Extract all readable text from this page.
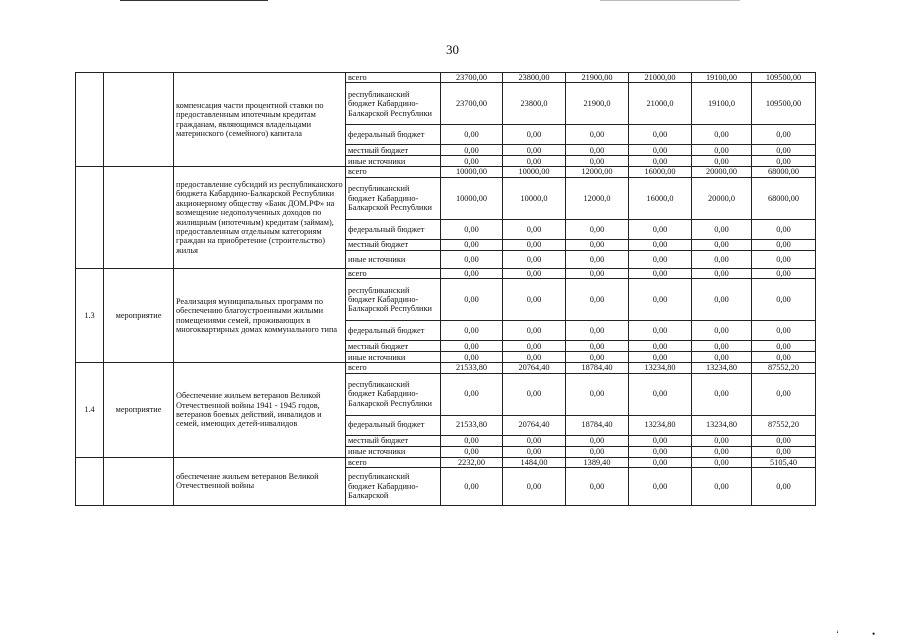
30
		компенсация части процентной ставки по предоставленным ипотечным кредитам гражданам, являющимся владельцами материнского (семейного) капитала	всего	23700,00	23800,00	21900,00	21000,00	19100,00	109500,00
			республиканский бюджет Кабардино-Балкарской Республики	23700,00	23800,0	21900,0	21000,0	19100,0	109500,00
			федеральный бюджет	0,00	0,00	0,00	0,00	0,00	0,00
			местный бюджет	0,00	0,00	0,00	0,00	0,00	0,00
			иные источники	0,00	0,00	0,00	0,00	0,00	0,00
		предоставление субсидий из республиканского бюджета Кабардино-Балкарской Республики акционерному обществу «Банк ДОМ.РФ» на возмещение недополученных доходов по жилищным (ипотечным) кредитам (займам), предоставленным отдельным категориям граждан на приобретение (строительство) жилья	всего	10000,00	10000,00	12000,00	16000,00	20000,00	68000,00
			республиканский бюджет Кабардино-Балкарской Республики	10000,00	10000,0	12000,0	16000,0	20000,0	68000,00
			федеральный бюджет	0,00	0,00	0,00	0,00	0,00	0,00
			местный бюджет	0,00	0,00	0,00	0,00	0,00	0,00
			иные источники	0,00	0,00	0,00	0,00	0,00	0,00
1.3	мероприятие	Реализация муниципальных программ по обеспечению благоустроенными жилыми помещениями семей, проживающих в многоквартирных домах коммунального типа	всего	0,00	0,00	0,00	0,00	0,00	0,00
			республиканский бюджет Кабардино-Балкарской Республики	0,00	0,00	0,00	0,00	0,00	0,00
			федеральный бюджет	0,00	0,00	0,00	0,00	0,00	0,00
			местный бюджет	0,00	0,00	0,00	0,00	0,00	0,00
			иные источники	0,00	0,00	0,00	0,00	0,00	0,00
1.4	мероприятие	Обеспечение жильем ветеранов Великой Отечественной войны 1941 - 1945 годов, ветеранов боевых действий, инвалидов и семей, имеющих детей-инвалидов	всего	21533,80	20764,40	18784,40	13234,80	13234,80	87552,20
			республиканский бюджет Кабардино-Балкарской Республики	0,00	0,00	0,00	0,00	0,00	0,00
			федеральный бюджет	21533,80	20764,40	18784,40	13234,80	13234,80	87552,20
			местный бюджет	0,00	0,00	0,00	0,00	0,00	0,00
			иные источники	0,00	0,00	0,00	0,00	0,00	0,00
		обеспечение жильем ветеранов Великой Отечественной войны	всего	2232,00	1484,00	1389,40	0,00	0,00	5105,40
			республиканский бюджет Кабардино-Балкарской	0,00	0,00	0,00	0,00	0,00	0,00
‘	•
